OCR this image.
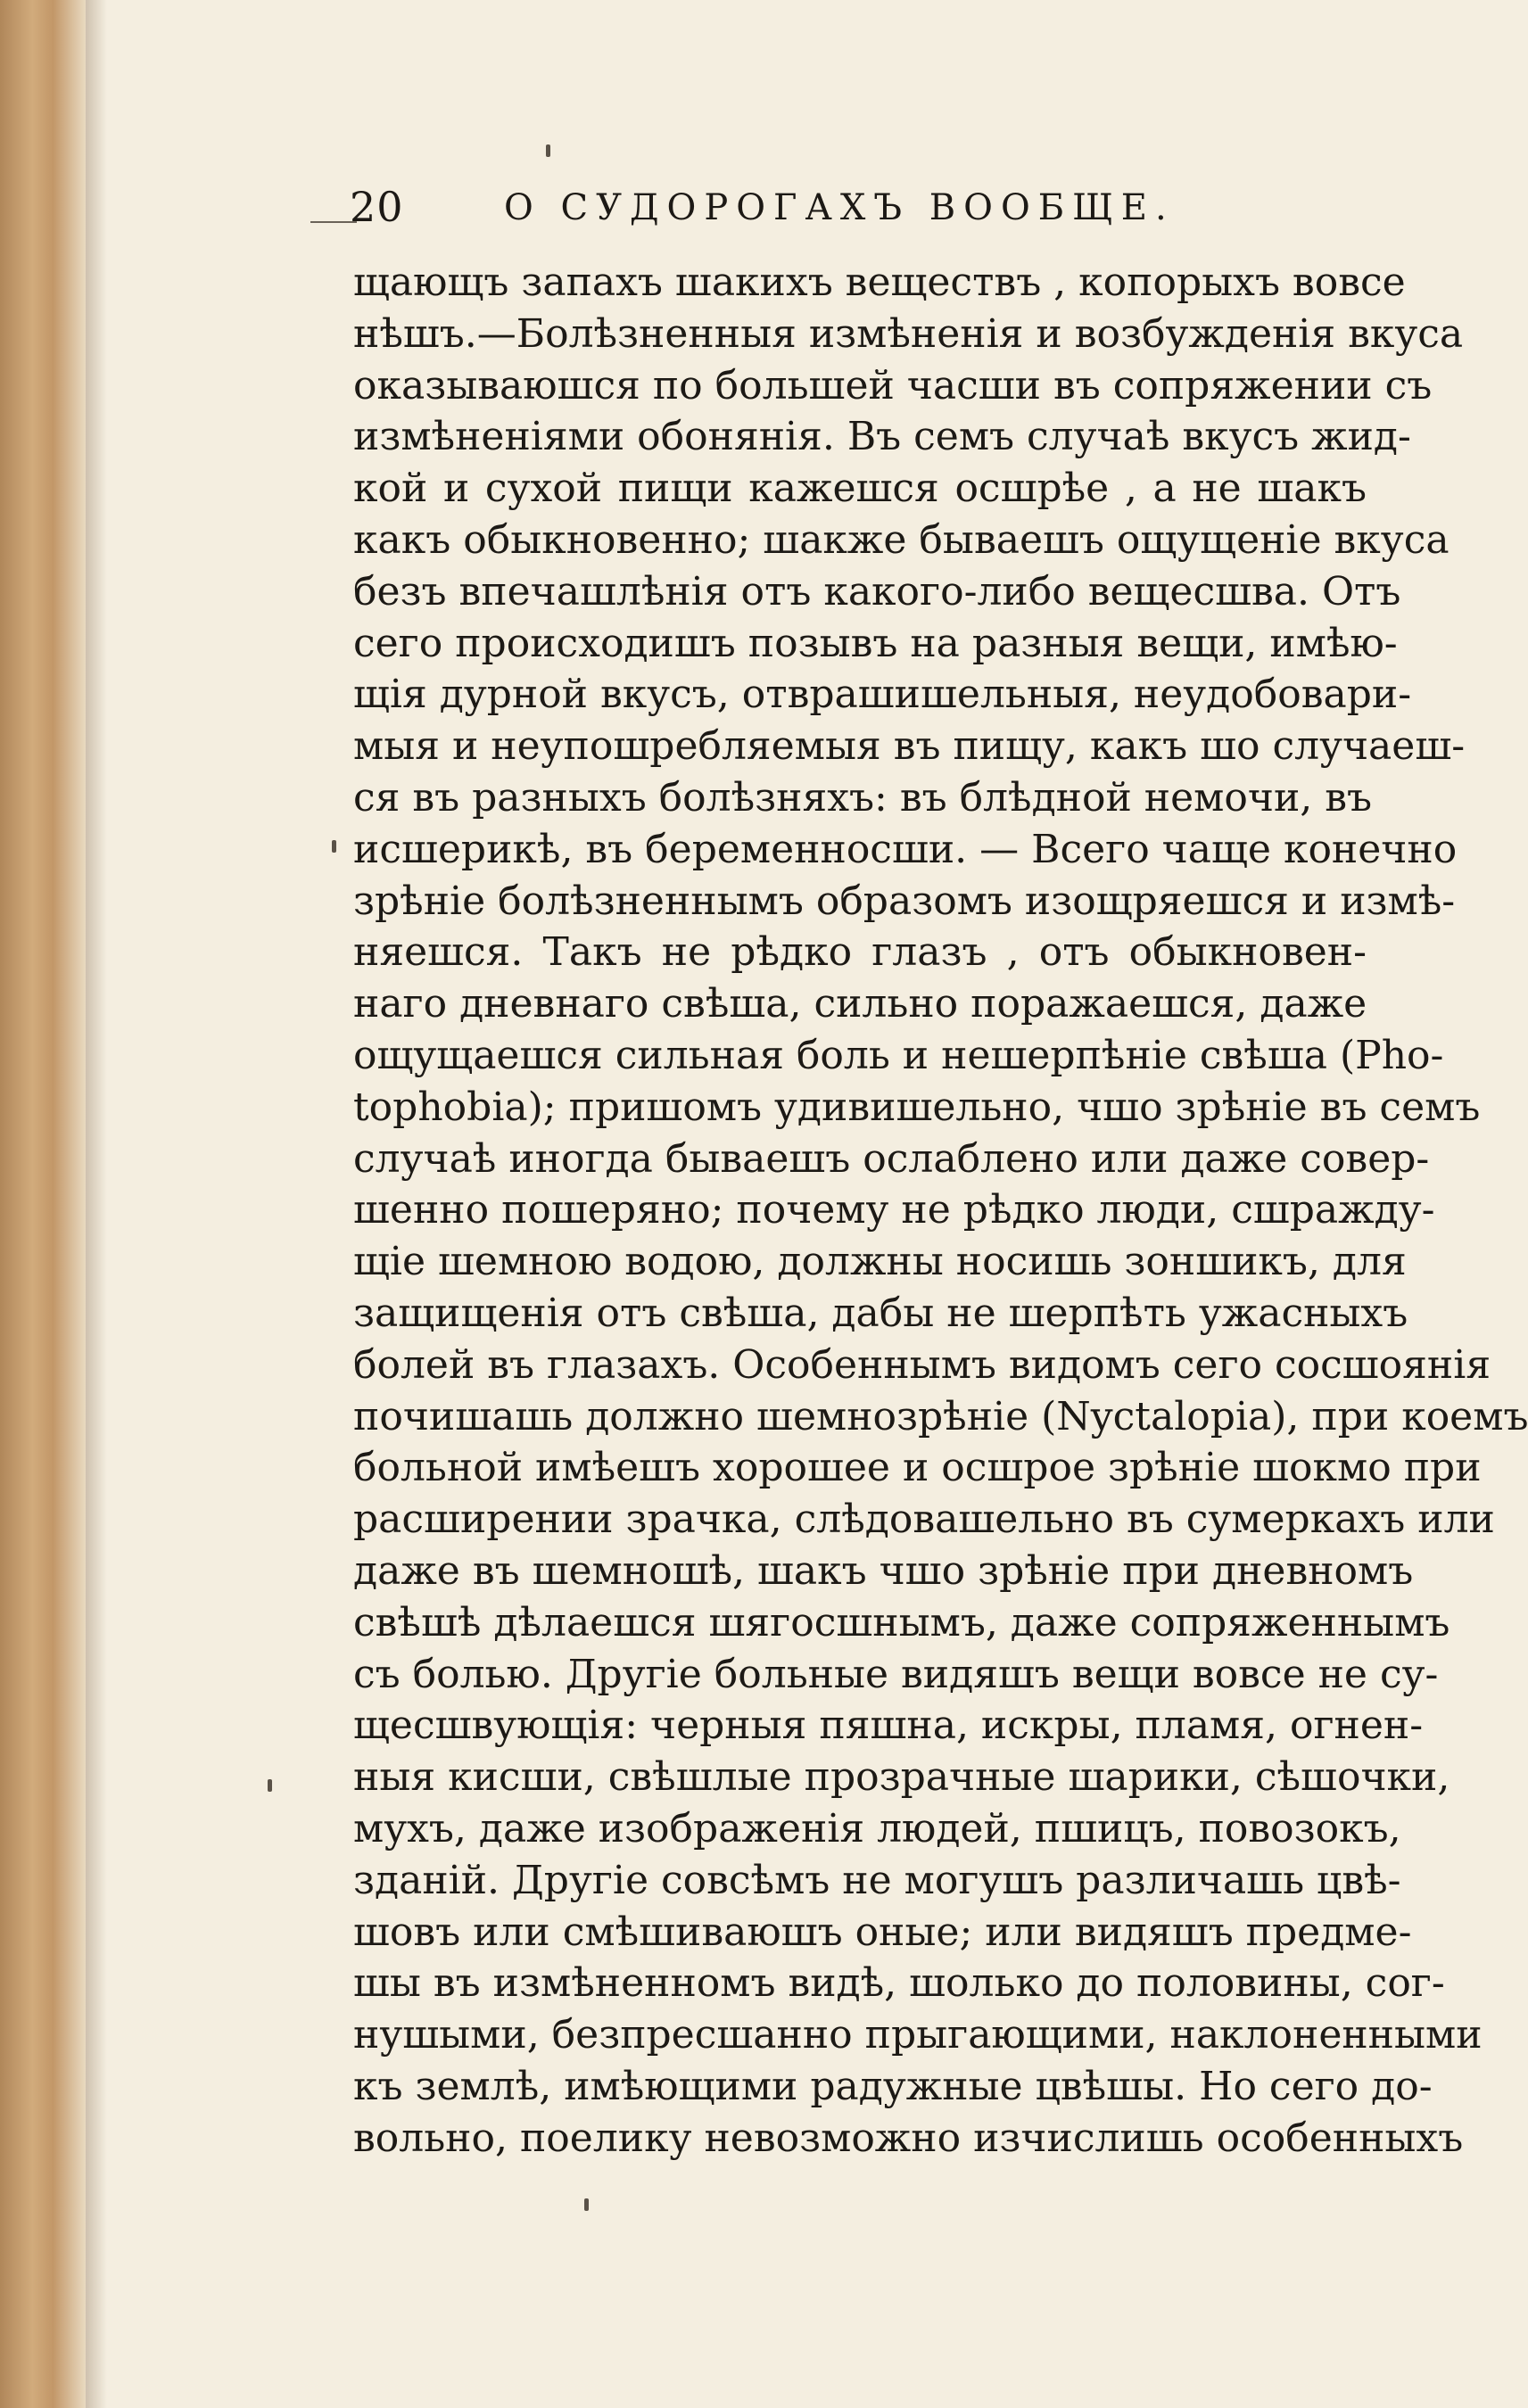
20	О СУДОРОГАХЪ ВООБЩЕ.
щающъ запахъ шакихъ веществъ , копорыхъ вовсе
нѣшъ.—Болѣзненныя измѣненія и возбужденія вкуса
оказываюшся по большей часши въ сопряжении съ
измѣненіями обонянія. Въ семъ случаѣ вкусъ жид-
кой и сухой пищи кажешся осшрѣе , а не шакъ
какъ обыкновенно; шакже бываешъ ощущеніе вкуса
безъ впечашлѣнія отъ какого-либо вещесшва. Отъ
сего происходишъ позывъ на разныя вещи, имѣю-
щія дурной вкусъ, отврашишельныя, неудобовари-
мыя и неупошребляемыя въ пищу, какъ шо случаеш-
ся въ разныхъ болѣзняхъ: въ блѣдной немочи, въ
исшерикѣ, въ беременносши. — Всего чаще конечно
зрѣніе болѣзненнымъ образомъ изощряешся и измѣ-
няешся. Такъ не рѣдко глазъ , отъ обыкновен-
наго дневнаго свѣша, сильно поражаешся, даже
ощущаешся сильная боль и нешерпѣніе свѣша (Pho-
tophobia); пришомъ удивишельно, чшо зрѣніе въ семъ
случаѣ иногда бываешъ ослаблено или даже совер-
шенно пошеряно; почему не рѣдко люди, сшражду-
щіе шемною водою, должны носишь зоншикъ, для
защищенія отъ свѣша, дабы не шерпѣть ужасныхъ
болей въ глазахъ. Особеннымъ видомъ сего сосшоянія
почишашь должно шемнозрѣніе (Nyctalopia), при коемъ
больной имѣешъ хорошее и осшрое зрѣніе шокмо при
расширении зрачка, слѣдовашельно въ сумеркахъ или
даже въ шемношѣ, шакъ чшо зрѣніе при дневномъ
свѣшѣ дѣлаешся шягосшнымъ, даже сопряженнымъ
съ болью. Другіе больные видяшъ вещи вовсе не су-
щесшвующія: черныя пяшна, искры, пламя, огнен-
ныя кисши, свѣшлые прозрачные шарики, сѣшочки,
мухъ, даже изображенія людей, пшицъ, повозокъ,
зданій. Другіе совсѣмъ не могушъ различашь цвѣ-
шовъ или смѣшиваюшъ оные; или видяшъ предме-
шы въ измѣненномъ видѣ, шолько до половины, сог-
нушыми, безпресшанно прыгающими, наклоненными
къ землѣ, имѣющими радужные цвѣшы. Но сего до-
вольно, поелику невозможно изчислишь особенныхъ
